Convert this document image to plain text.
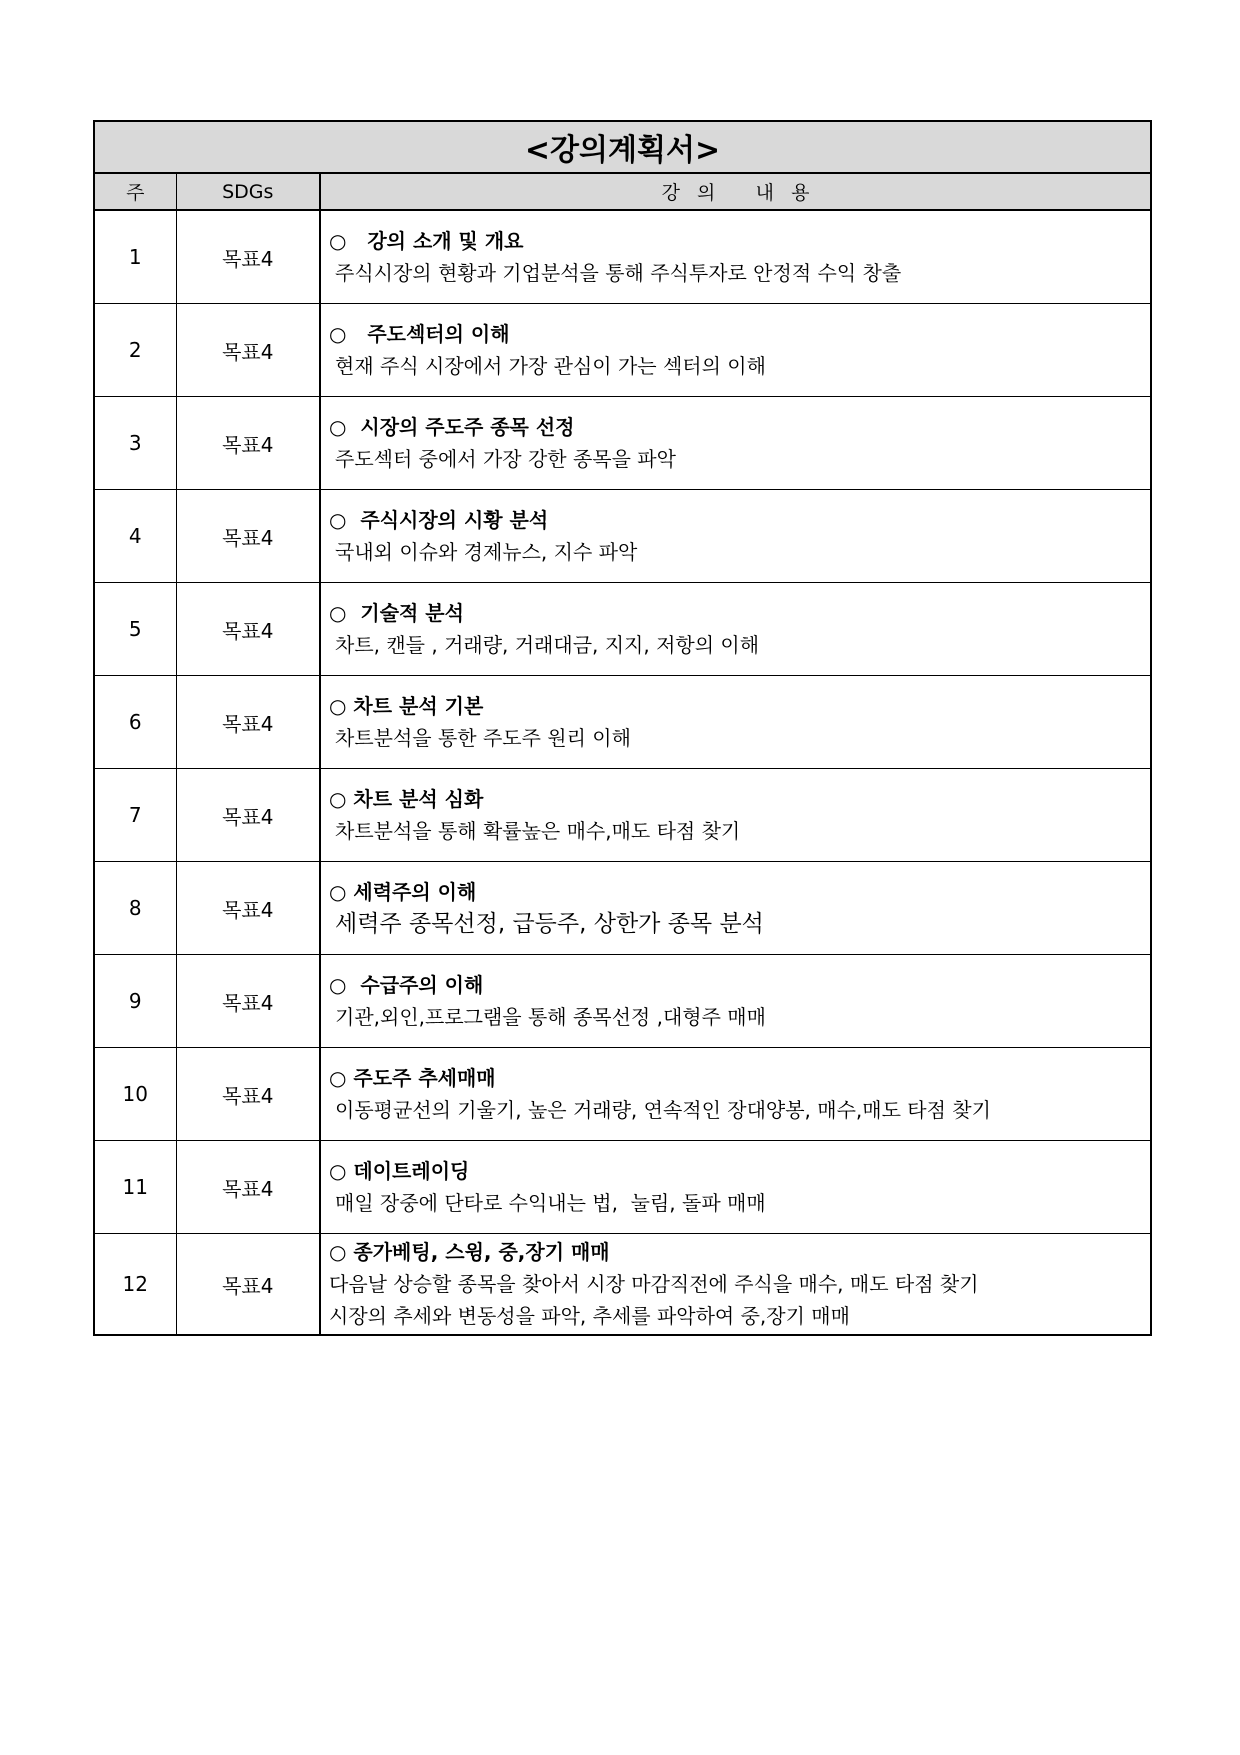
<강의계획서>		
주	SDGs	강의 내용
1	목표4	○   강의 소개 및 개요
주식시장의 현황과 기업분석을 통해 주식투자로 안정적 수익 창출

2	목표4	○   주도섹터의 이해
현재 주식 시장에서 가장 관심이 가는 섹터의 이해

3	목표4	○  시장의 주도주 종목 선정
주도섹터 중에서 가장 강한 종목을 파악

4	목표4	○  주식시장의 시황 분석
국내외 이슈와 경제뉴스, 지수 파악

5	목표4	○  기술적 분석
차트, 캔들 , 거래량, 거래대금, 지지, 저항의 이해

6	목표4	○ 차트 분석 기본
차트분석을 통한 주도주 원리 이해

7	목표4	○ 차트 분석 심화
차트분석을 통해 확률높은 매수,매도 타점 찾기

8	목표4	○ 세력주의 이해
세력주 종목선정, 급등주, 상한가 종목 분석

9	목표4	○  수급주의 이해
기관,외인,프로그램을 통해 종목선정 ,대형주 매매

10	목표4	○ 주도주 추세매매
이동평균선의 기울기, 높은 거래량, 연속적인 장대양봉, 매수,매도 타점 찾기

11	목표4	○ 데이트레이딩
매일 장중에 단타로 수익내는 법,  눌림, 돌파 매매

12	목표4	○ 종가베팅, 스윙, 중,장기 매매
다음날 상승할 종목을 찾아서 시장 마감직전에 주식을 매수, 매도 타점 찾기
시장의 추세와 변동성을 파악, 추세를 파악하여 중,장기 매매
